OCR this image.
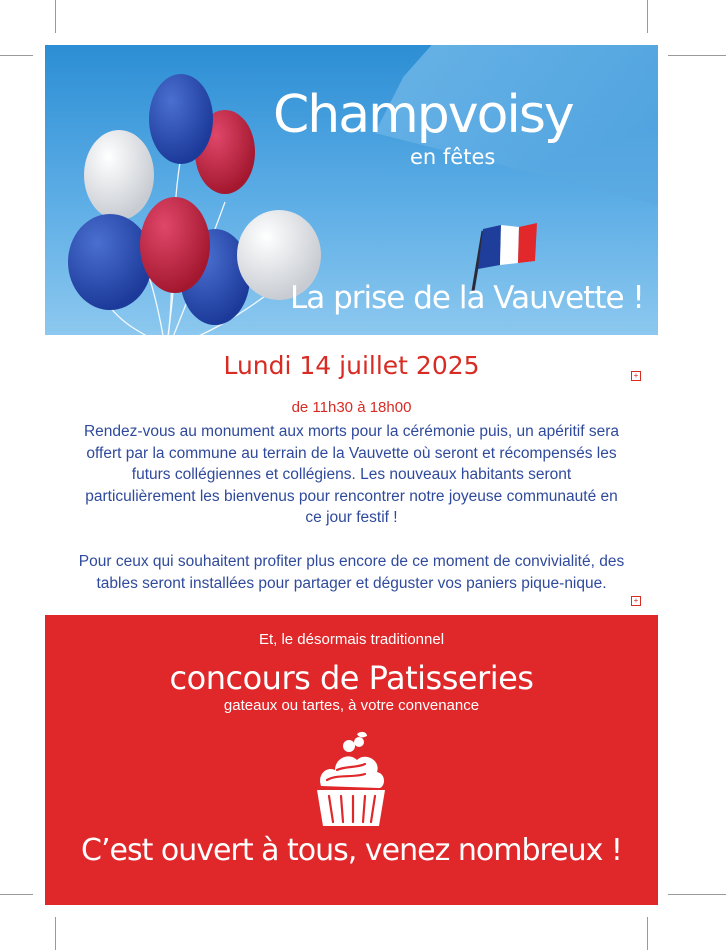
Champvoisy
en fêtes
La prise de la Vauvette !
Lundi 14 juillet 2025	+
de 11h30 à 18h00

Rendez-vous au monument aux morts pour la cérémonie puis, un apéritif sera offert par la commune au terrain de la Vauvette où seront et récompensés les futurs collégiennes et collégiens. Les nouveaux habitants seront particulièrement les bienvenus pour rencontrer notre joyeuse communauté en ce jour festif !

Pour ceux qui souhaitent profiter plus encore de ce moment de convivialité, des tables seront installées pour partager et déguster vos paniers pique-nique.

+
Et, le désormais traditionnel
concours de Patisseries
gateaux ou tartes, à votre convenance
C’est ouvert à tous, venez nombreux !
